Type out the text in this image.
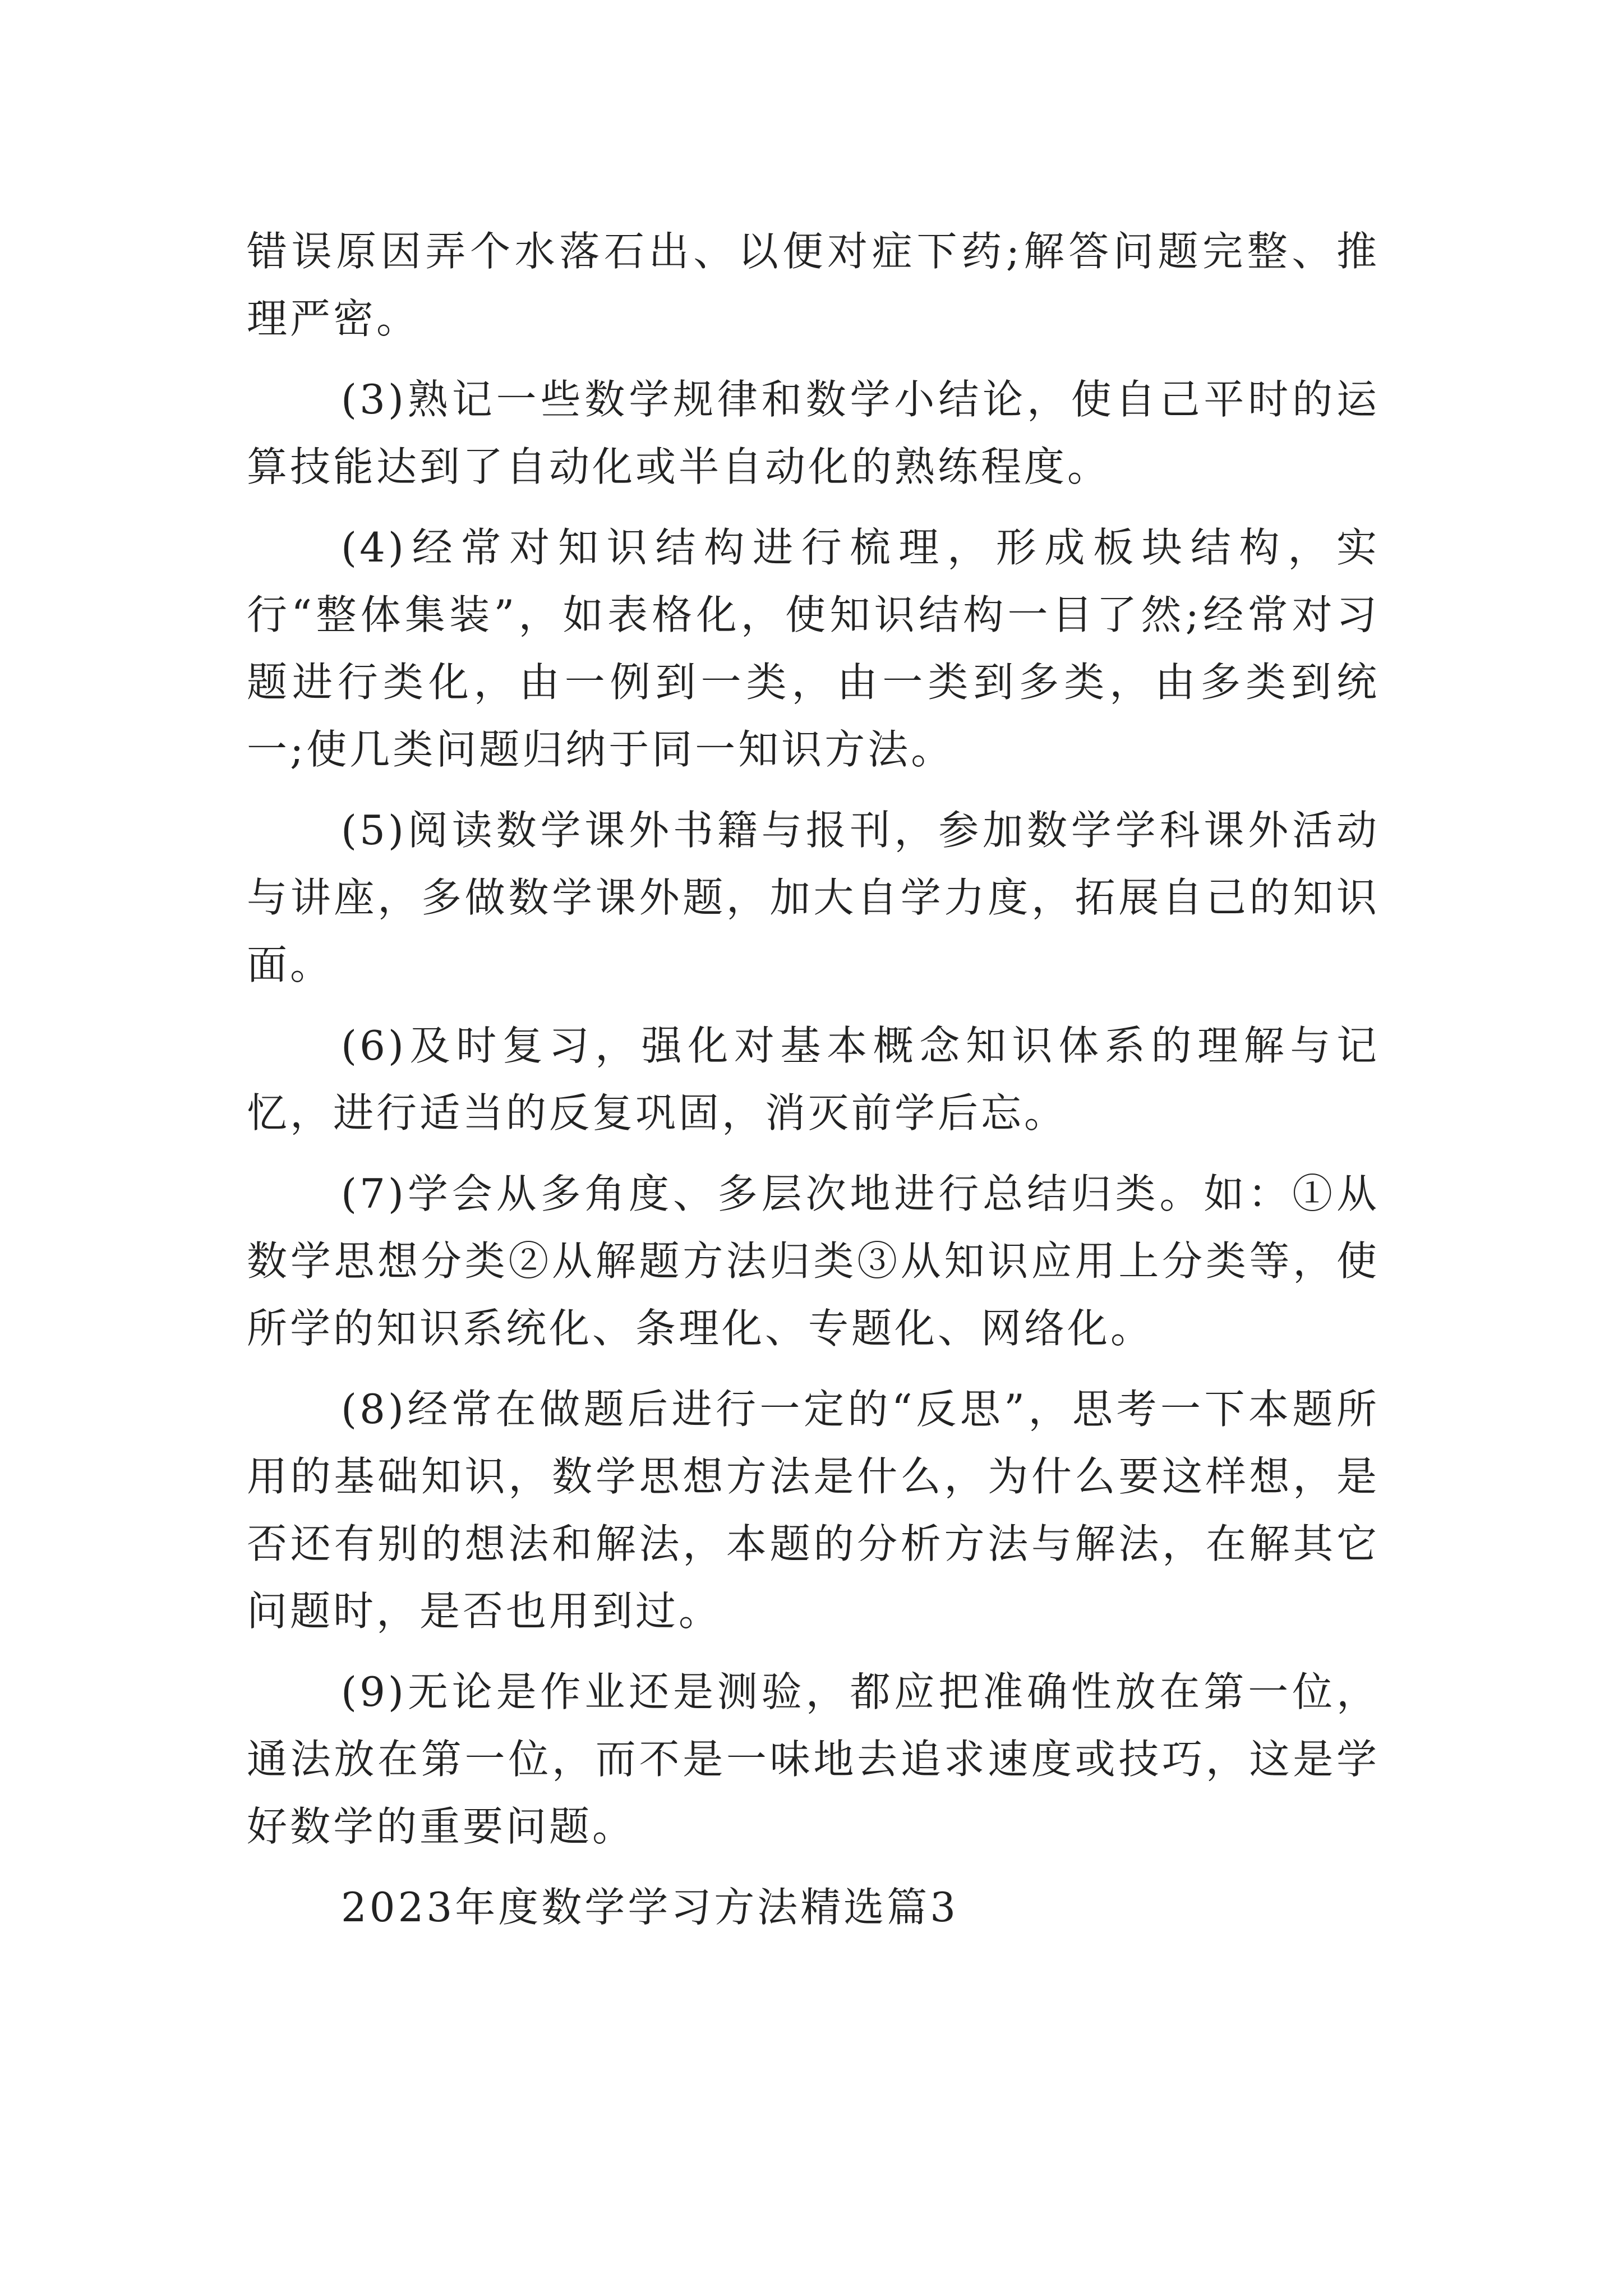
错误原因弄个水落石出、以便对症下药;解答问题完整、推理严密。

(3)熟记一些数学规律和数学小结论，使自己平时的运算技能达到了自动化或半自动化的熟练程度。

(4)经常对知识结构进行梳理，形成板块结构，实行“整体集装”，如表格化，使知识结构一目了然;经常对习题进行类化，由一例到一类，由一类到多类，由多类到统一;使几类问题归纳于同一知识方法。

(5)阅读数学课外书籍与报刊，参加数学学科课外活动与讲座，多做数学课外题，加大自学力度，拓展自己的知识面。

(6)及时复习，强化对基本概念知识体系的理解与记忆，进行适当的反复巩固，消灭前学后忘。

(7)学会从多角度、多层次地进行总结归类。如：①从数学思想分类②从解题方法归类③从知识应用上分类等，使所学的知识系统化、条理化、专题化、网络化。

(8)经常在做题后进行一定的“反思”，思考一下本题所用的基础知识，数学思想方法是什么，为什么要这样想，是否还有别的想法和解法，本题的分析方法与解法，在解其它问题时，是否也用到过。

(9)无论是作业还是测验，都应把准确性放在第一位，通法放在第一位，而不是一味地去追求速度或技巧，这是学好数学的重要问题。

2023年度数学学习方法精选篇3
